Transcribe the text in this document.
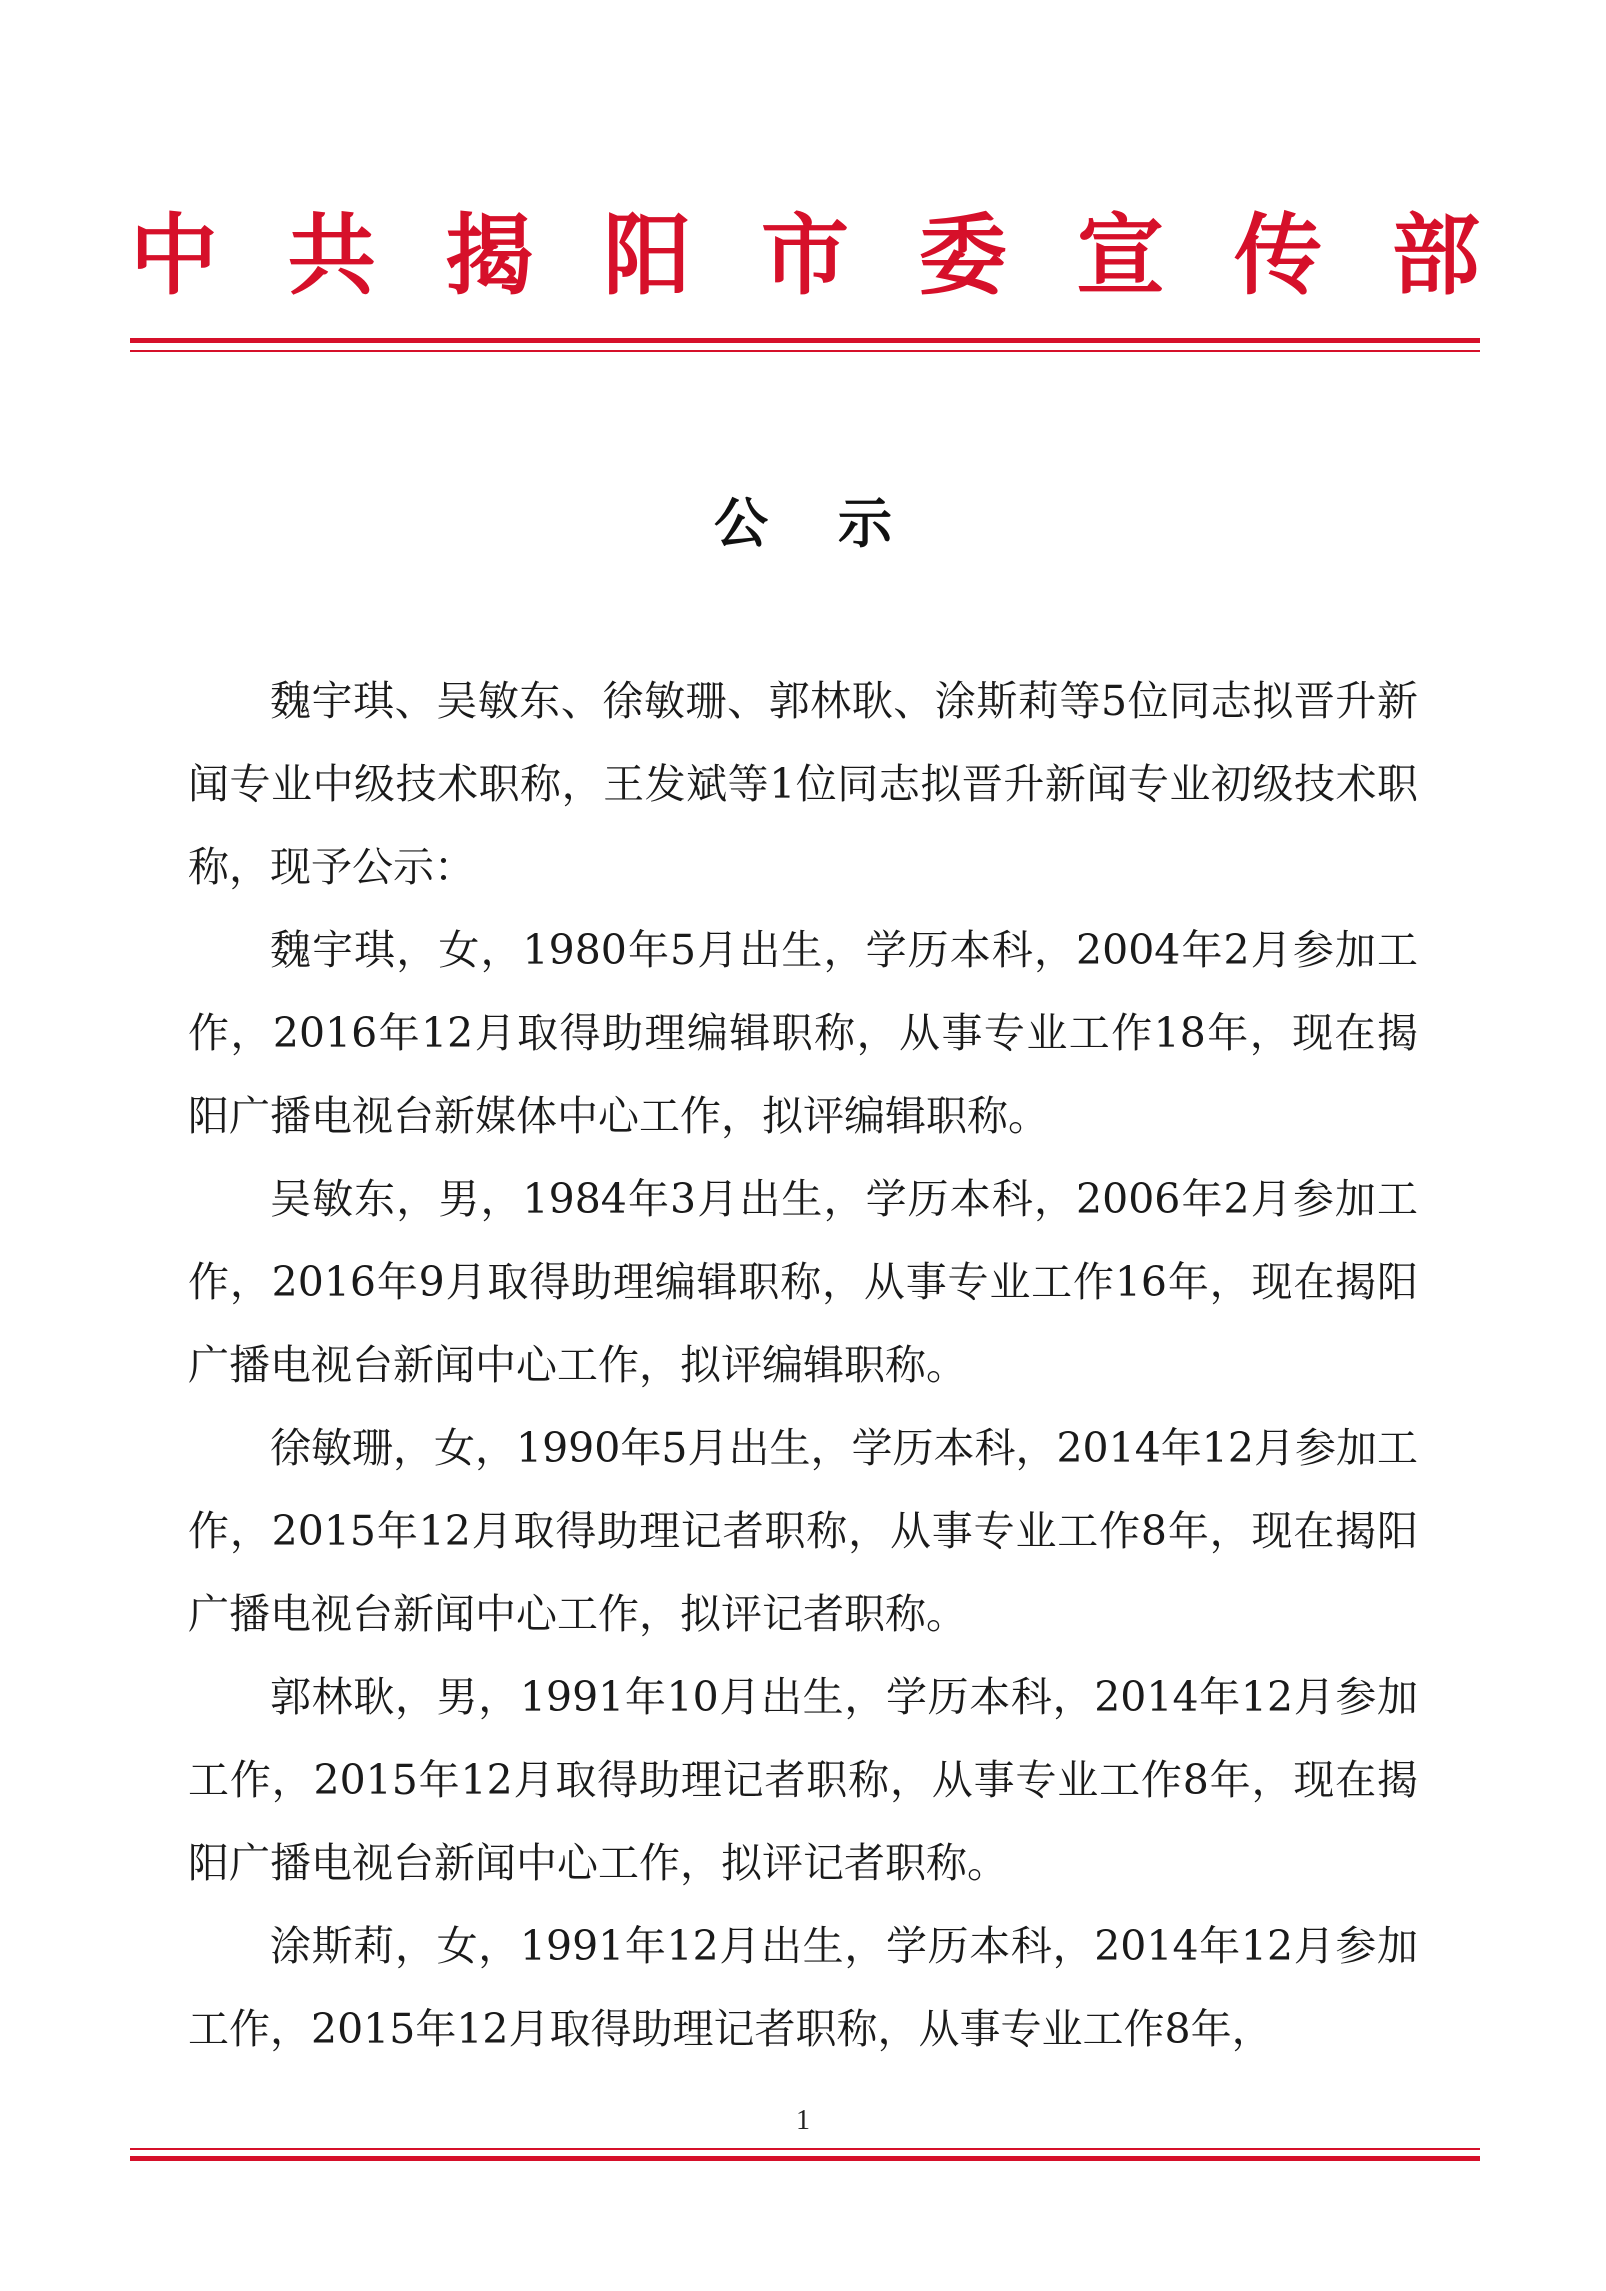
中 共 揭 阳 市 委 宣 传 部
公示

魏宇琪、吴敏东、徐敏珊、郭林耿、涂斯莉等5位同志拟晋升新闻专业中级技术职称，王发斌等1位同志拟晋升新闻专业初级技术职称，现予公示：

魏宇琪，女，1980年5月出生，学历本科，2004年2月参加工作，2016年12月取得助理编辑职称，从事专业工作18年，现在揭阳广播电视台新媒体中心工作，拟评编辑职称。

吴敏东，男，1984年3月出生，学历本科，2006年2月参加工作，2016年9月取得助理编辑职称，从事专业工作16年，现在揭阳广播电视台新闻中心工作，拟评编辑职称。

徐敏珊，女，1990年5月出生，学历本科，2014年12月参加工作，2015年12月取得助理记者职称，从事专业工作8年，现在揭阳广播电视台新闻中心工作，拟评记者职称。

郭林耿，男，1991年10月出生，学历本科，2014年12月参加工作，2015年12月取得助理记者职称，从事专业工作8年，现在揭阳广播电视台新闻中心工作，拟评记者职称。

涂斯莉，女，1991年12月出生，学历本科，2014年12月参加工作，2015年12月取得助理记者职称，从事专业工作8年，

1
